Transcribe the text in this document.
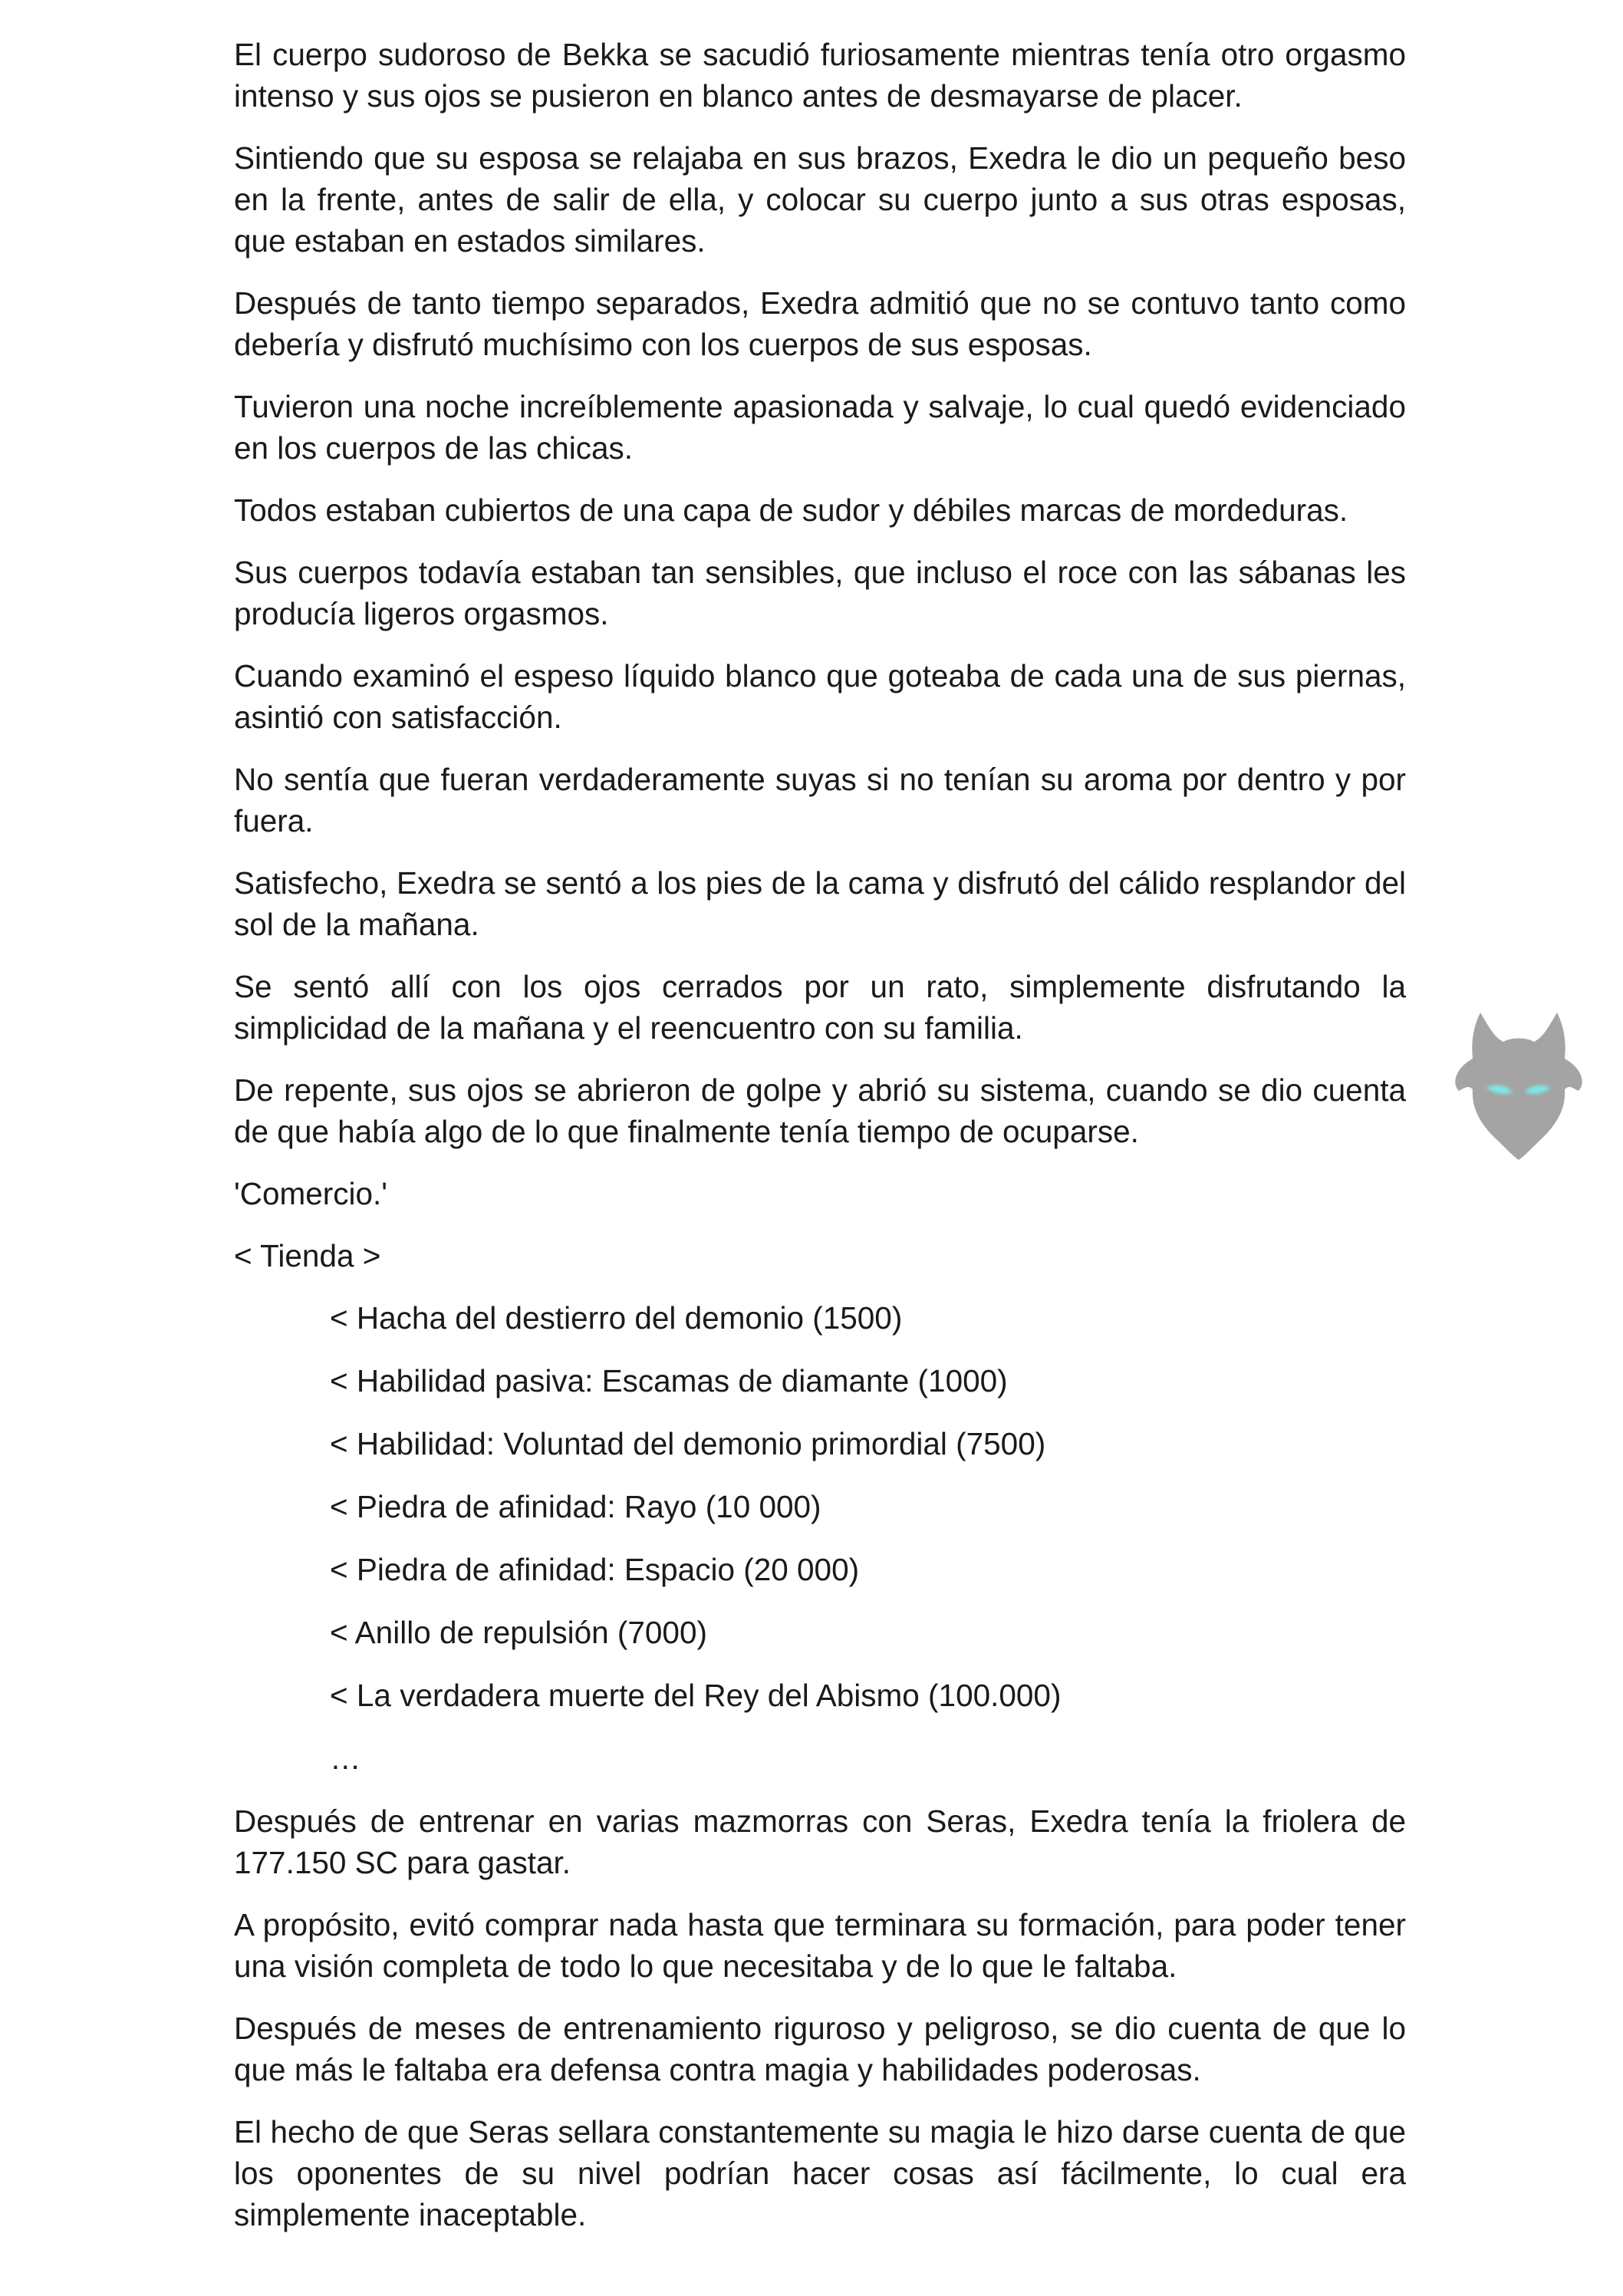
El cuerpo sudoroso de Bekka se sacudió furiosamente mientras tenía otro orgasmo intenso y sus ojos se pusieron en blanco antes de desmayarse de placer.

Sintiendo que su esposa se relajaba en sus brazos, Exedra le dio un pequeño beso en la frente, antes de salir de ella, y colocar su cuerpo junto a sus otras esposas, que estaban en estados similares.

Después de tanto tiempo separados, Exedra admitió que no se contuvo tanto como debería y disfrutó muchísimo con los cuerpos de sus esposas.

Tuvieron una noche increíblemente apasionada y salvaje, lo cual quedó evidenciado en los cuerpos de las chicas.

Todos estaban cubiertos de una capa de sudor y débiles marcas de mordeduras.

Sus cuerpos todavía estaban tan sensibles, que incluso el roce con las sábanas les producía ligeros orgasmos.

Cuando examinó el espeso líquido blanco que goteaba de cada una de sus piernas, asintió con satisfacción.

No sentía que fueran verdaderamente suyas si no tenían su aroma por dentro y por fuera.

Satisfecho, Exedra se sentó a los pies de la cama y disfrutó del cálido resplandor del sol de la mañana.

Se sentó allí con los ojos cerrados por un rato, simplemente disfrutando la simplicidad de la mañana y el reencuentro con su familia.

De repente, sus ojos se abrieron de golpe y abrió su sistema, cuando se dio cuenta de que había algo de lo que finalmente tenía tiempo de ocuparse.

'Comercio.'

< Tienda >

< Hacha del destierro del demonio (1500)

< Habilidad pasiva: Escamas de diamante (1000)

< Habilidad: Voluntad del demonio primordial (7500)

< Piedra de afinidad: Rayo (10 000)

< Piedra de afinidad: Espacio (20 000)

< Anillo de repulsión (7000)

< La verdadera muerte del Rey del Abismo (100.000)

…

Después de entrenar en varias mazmorras con Seras, Exedra tenía la friolera de 177.150 SC para gastar.

A propósito, evitó comprar nada hasta que terminara su formación, para poder tener una visión completa de todo lo que necesitaba y de lo que le faltaba.

Después de meses de entrenamiento riguroso y peligroso, se dio cuenta de que lo que más le faltaba era defensa contra magia y habilidades poderosas.

El hecho de que Seras sellara constantemente su magia le hizo darse cuenta de que los oponentes de su nivel podrían hacer cosas así fácilmente, lo cual era simplemente inaceptable.
